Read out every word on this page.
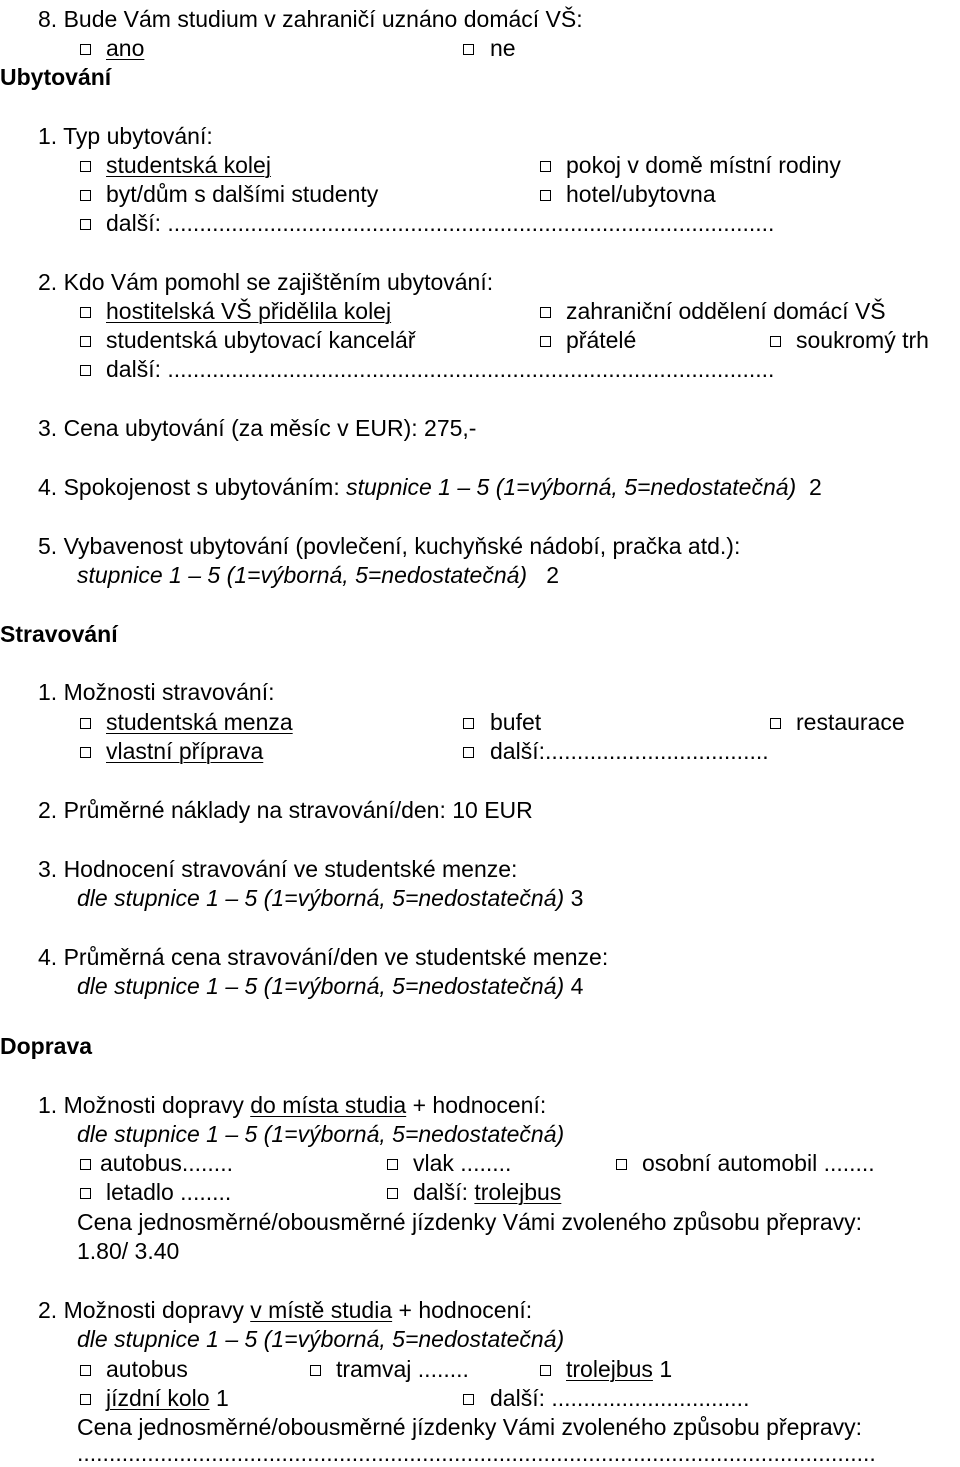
8. Bude Vám studium v zahraničí uznáno domácí VŠ:
ano	ne
Ubytování
1. Typ ubytování:
studentská kolej	pokoj v domě místní rodiny
byt/dům s dalšími studenty	hotel/ubytovna
další: ...............................................................................................
2. Kdo Vám pomohl se zajištěním ubytování:
hostitelská VŠ přidělila kolej	zahraniční oddělení domácí VŠ
studentská ubytovací kancelář	přátelé	soukromý trh
další: ...............................................................................................
3. Cena ubytování (za měsíc v EUR): 275,-
4. Spokojenost s ubytováním: stupnice 1 – 5 (1=výborná, 5=nedostatečná) 2
5. Vybavenost ubytování (povlečení, kuchyňské nádobí, pračka atd.):
stupnice 1 – 5 (1=výborná, 5=nedostatečná) 2
Stravování
1. Možnosti stravování:
studentská menza	bufet	restaurace
vlastní příprava	další:...................................
2. Průměrné náklady na stravování/den: 10 EUR
3. Hodnocení stravování ve studentské menze:
dle stupnice 1 – 5 (1=výborná, 5=nedostatečná) 3
4. Průměrná cena stravování/den ve studentské menze:
dle stupnice 1 – 5 (1=výborná, 5=nedostatečná) 4
Doprava
1. Možnosti dopravy do místa studia + hodnocení:
dle stupnice 1 – 5 (1=výborná, 5=nedostatečná)
autobus........	vlak ........	osobní automobil ........
letadlo ........	další: trolejbus
Cena jednosměrné/obousměrné jízdenky Vámi zvoleného způsobu přepravy:
1.80/ 3.40
2. Možnosti dopravy v místě studia + hodnocení:
dle stupnice 1 – 5 (1=výborná, 5=nedostatečná)
autobus	tramvaj ........	trolejbus 1
jízdní kolo 1	další: ...............................
Cena jednosměrné/obousměrné jízdenky Vámi zvoleného způsobu přepravy:
.............................................................................................................................
